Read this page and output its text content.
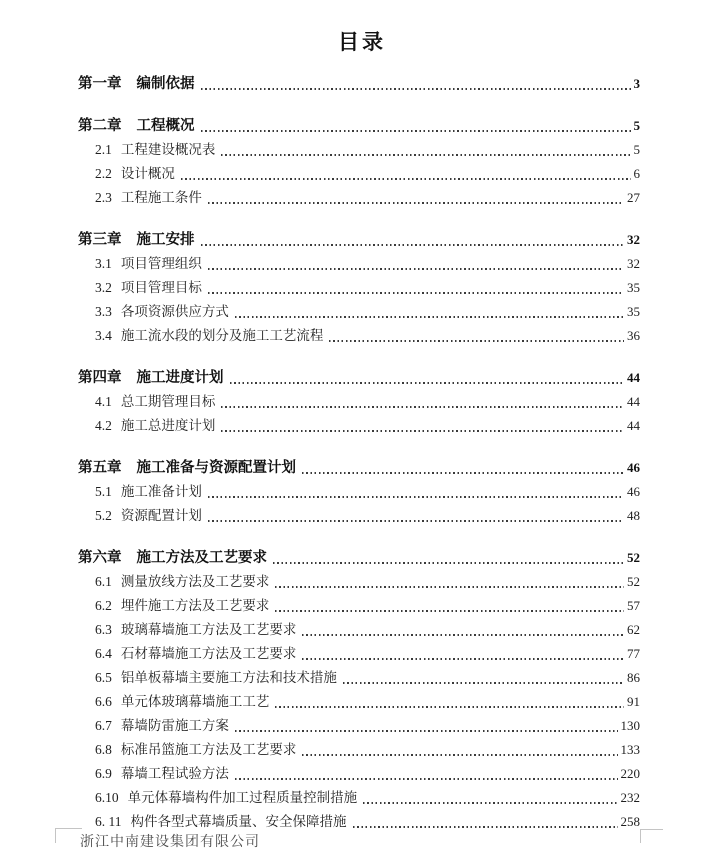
目录
第一章 编制依据	3
第二章 工程概况	5
2.1 工程建设概况表	5
2.2 设计概况	6
2.3 工程施工条件	27
第三章 施工安排	32
3.1 项目管理组织	32
3.2 项目管理目标	35
3.3 各项资源供应方式	35
3.4 施工流水段的划分及施工工艺流程	36
第四章 施工进度计划	44
4.1 总工期管理目标	44
4.2 施工总进度计划	44
第五章 施工准备与资源配置计划	46
5.1 施工准备计划	46
5.2 资源配置计划	48
第六章 施工方法及工艺要求	52
6.1 测量放线方法及工艺要求	52
6.2 埋件施工方法及工艺要求	57
6.3 玻璃幕墙施工方法及工艺要求	62
6.4 石材幕墙施工方法及工艺要求	77
6.5 铝单板幕墙主要施工方法和技术措施	86
6.6 单元体玻璃幕墙施工工艺	91
6.7 幕墙防雷施工方案	130
6.8 标准吊篮施工方法及工艺要求	133
6.9 幕墙工程试验方法	220
6.10 单元体幕墙构件加工过程质量控制措施	232
6. 11 构件各型式幕墙质量、安全保障措施	258
浙江中南建设集团有限公司
